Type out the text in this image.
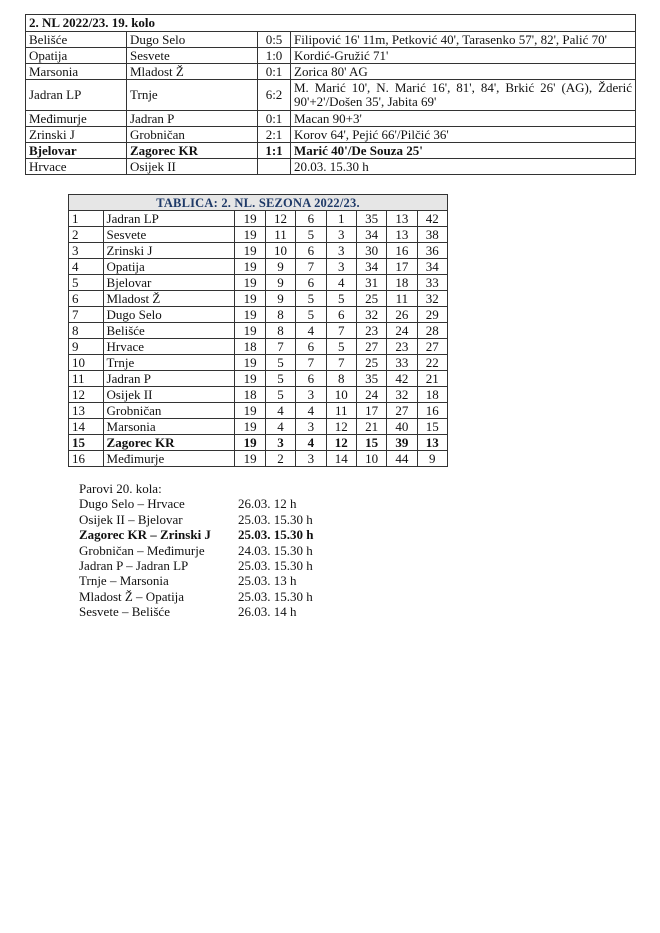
2. NL 2022/23. 19. kolo			
Belišće	Dugo Selo	0:5	Filipović 16' 11m, Petković 40', Tarasenko 57', 82', Palić 70'
Opatija	Sesvete	1:0	Kordić-Gružić 71'
Marsonia	Mladost Ž	0:1	Zorica 80' AG
Jadran LP	Trnje	6:2	M. Marić 10', N. Marić 16', 81', 84', Brkić 26' (AG), Žderić 90'+2'/Došen 35', Jabita 69'
Međimurje	Jadran P	0:1	Macan 90+3'
Zrinski J	Grobničan	2:1	Korov 64', Pejić 66'/Pilčić 36'
Bjelovar	Zagorec KR	1:1	Marić 40'/De Souza 25'
Hrvace	Osijek II		20.03. 15.30 h
TABLICA: 2. NL. SEZONA 2022/23.								
1	Jadran LP	19	12	6	1	35	13	42
2	Sesvete	19	11	5	3	34	13	38
3	Zrinski J	19	10	6	3	30	16	36
4	Opatija	19	9	7	3	34	17	34
5	Bjelovar	19	9	6	4	31	18	33
6	Mladost Ž	19	9	5	5	25	11	32
7	Dugo Selo	19	8	5	6	32	26	29
8	Belišće	19	8	4	7	23	24	28
9	Hrvace	18	7	6	5	27	23	27
10	Trnje	19	5	7	7	25	33	22
11	Jadran P	19	5	6	8	35	42	21
12	Osijek II	18	5	3	10	24	32	18
13	Grobničan	19	4	4	11	17	27	16
14	Marsonia	19	4	3	12	21	40	15
15	Zagorec KR	19	3	4	12	15	39	13
16	Međimurje	19	2	3	14	10	44	9
Parovi 20. kola:
Dugo Selo – Hrvace	26.03. 12 h
Osijek II – Bjelovar	25.03. 15.30 h
Zagorec KR – Zrinski J	25.03. 15.30 h
Grobničan – Međimurje	24.03. 15.30 h
Jadran P – Jadran LP	25.03. 15.30 h
Trnje – Marsonia	25.03. 13 h
Mladost Ž – Opatija	25.03. 15.30 h
Sesvete – Belišće	26.03. 14 h
